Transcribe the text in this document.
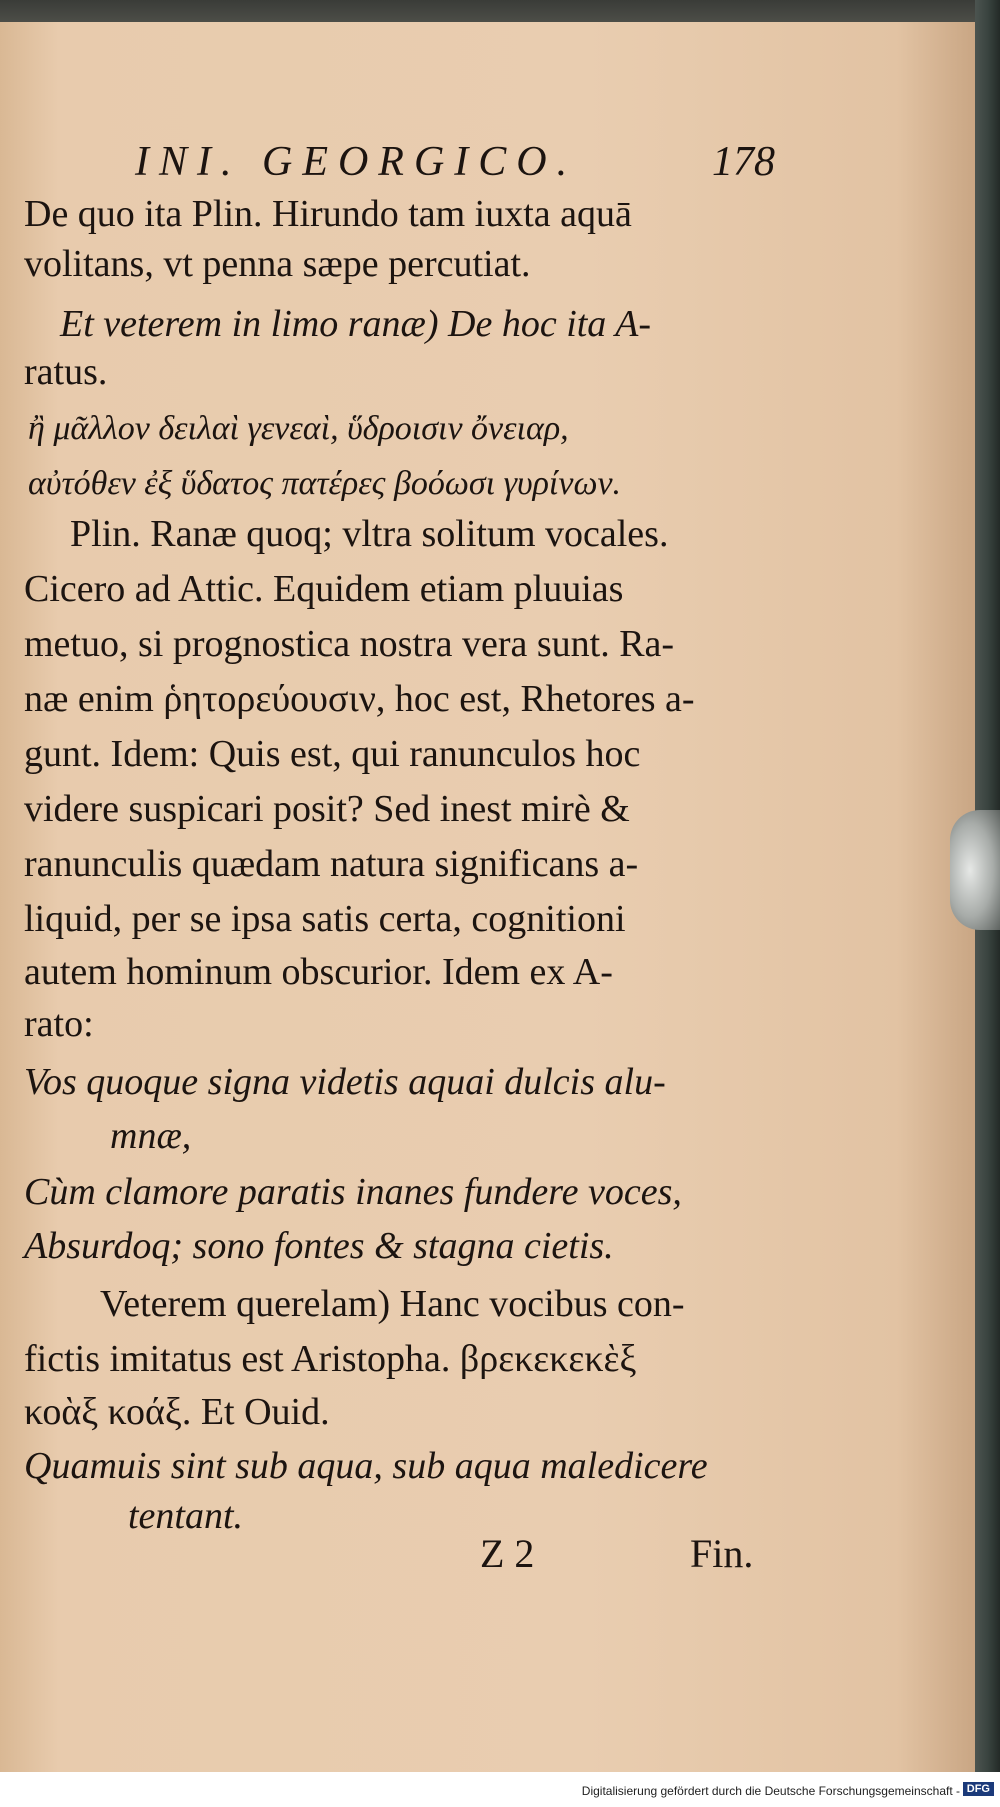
INI. GEORGICO.	178
De quo ita Plin. Hirundo tam iuxta aquā
volitans, vt penna sæpe percutiat.
Et veterem in limo ranæ) De hoc ita A-
ratus.
ἢ μᾶλλον δειλαὶ γενεαὶ, ὕδροισιν ὄνειαρ,
αὐτόθεν ἐξ ὕδατος πατέρες βοόωσι γυρίνων.
Plin. Ranæ quoq; vltra solitum vocales.
Cicero ad Attic. Equidem etiam pluuias
metuo, si prognostica nostra vera sunt. Ra-
næ enim ῥητορεύουσιν, hoc est, Rhetores a-
gunt. Idem: Quis est, qui ranunculos hoc
videre suspicari posit? Sed inest mirè &
ranunculis quædam natura significans a-
liquid, per se ipsa satis certa, cognitioni
autem hominum obscurior. Idem ex A-
rato:
Vos quoque signa videtis aquai dulcis alu-
mnæ,
Cùm clamore paratis inanes fundere voces,
Absurdoq; sono fontes & stagna cietis.
Veterem querelam) Hanc vocibus con-
fictis imitatus est Aristopha. βρεκεκεκὲξ
κοὰξ κοάξ. Et Ouid.
Quamuis sint sub aqua, sub aqua maledicere
tentant.
Z 2	Fin.
Digitalisierung gefördert durch die Deutsche Forschungsgemeinschaft - DFG
